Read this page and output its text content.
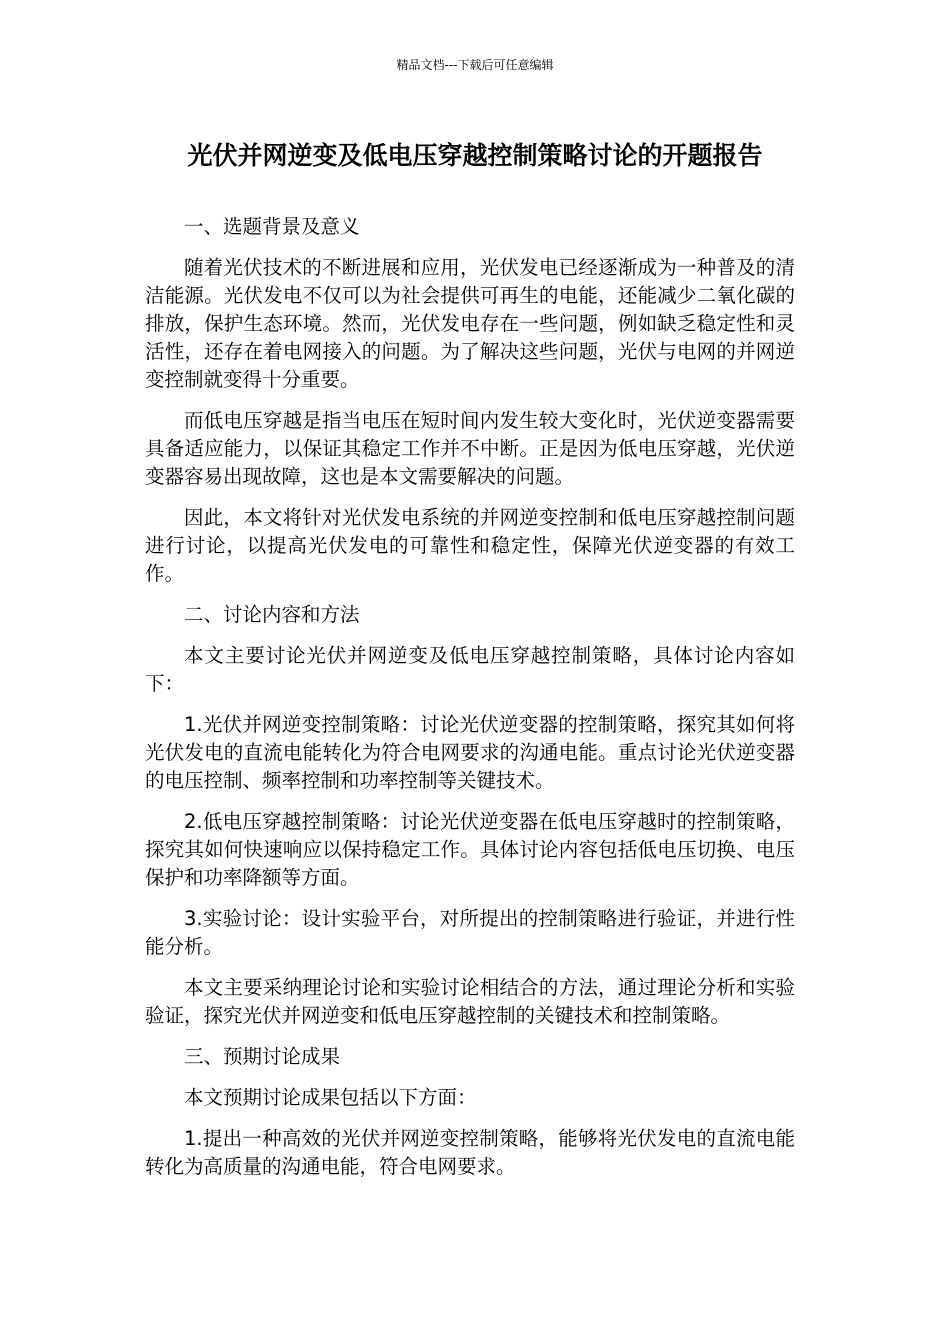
精品文档---下载后可任意编辑
光伏并网逆变及低电压穿越控制策略讨论的开题报告

一、选题背景及意义

随着光伏技术的不断进展和应用，光伏发电已经逐渐成为一种普及的清洁能源。光伏发电不仅可以为社会提供可再生的电能，还能减少二氧化碳的排放，保护生态环境。然而，光伏发电存在一些问题，例如缺乏稳定性和灵活性，还存在着电网接入的问题。为了解决这些问题，光伏与电网的并网逆变控制就变得十分重要。

而低电压穿越是指当电压在短时间内发生较大变化时，光伏逆变器需要具备适应能力，以保证其稳定工作并不中断。正是因为低电压穿越，光伏逆变器容易出现故障，这也是本文需要解决的问题。

因此，本文将针对光伏发电系统的并网逆变控制和低电压穿越控制问题进行讨论，以提高光伏发电的可靠性和稳定性，保障光伏逆变器的有效工作。

二、讨论内容和方法

本文主要讨论光伏并网逆变及低电压穿越控制策略，具体讨论内容如下：

1.光伏并网逆变控制策略：讨论光伏逆变器的控制策略，探究其如何将光伏发电的直流电能转化为符合电网要求的沟通电能。重点讨论光伏逆变器的电压控制、频率控制和功率控制等关键技术。

2.低电压穿越控制策略：讨论光伏逆变器在低电压穿越时的控制策略，探究其如何快速响应以保持稳定工作。具体讨论内容包括低电压切换、电压保护和功率降额等方面。

3.实验讨论：设计实验平台，对所提出的控制策略进行验证，并进行性能分析。

本文主要采纳理论讨论和实验讨论相结合的方法，通过理论分析和实验验证，探究光伏并网逆变和低电压穿越控制的关键技术和控制策略。

三、预期讨论成果

本文预期讨论成果包括以下方面：

1.提出一种高效的光伏并网逆变控制策略，能够将光伏发电的直流电能转化为高质量的沟通电能，符合电网要求。
